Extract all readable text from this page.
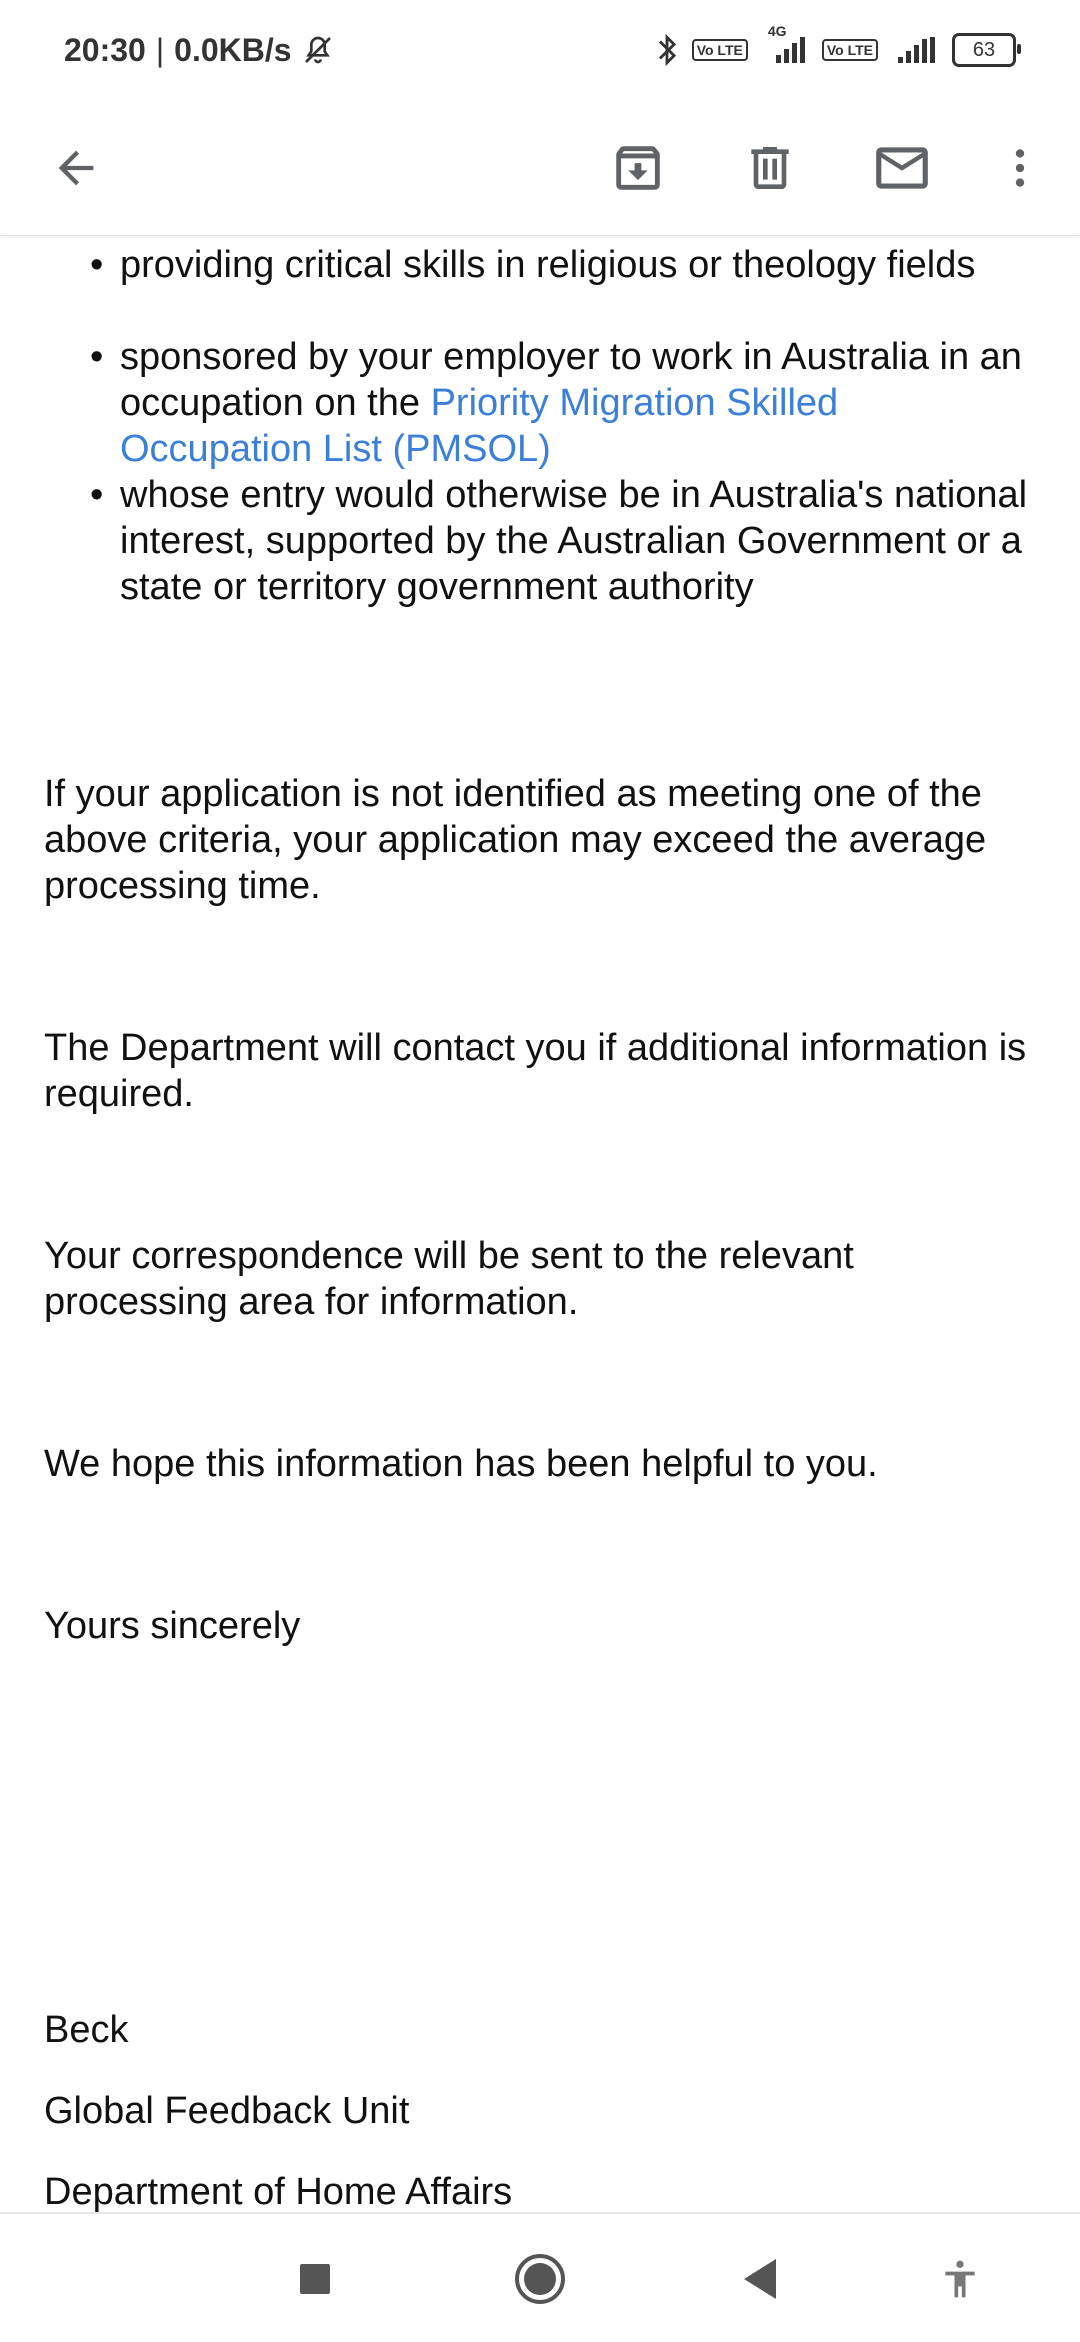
20:30 | 0.0KB/s	Vo LTE
4G
Vo LTE	63

• providing critical skills in religious or theology fields

• sponsored by your employer to work in Australia in an occupation on the Priority Migration Skilled Occupation List (PMSOL)

• whose entry would otherwise be in Australia's national interest, supported by the Australian Government or a state or territory government authority

If your application is not identified as meeting one of the above criteria, your application may exceed the average processing time.

The Department will contact you if additional information is required.

Your correspondence will be sent to the relevant processing area for information.

We hope this information has been helpful to you.

Yours sincerely

Beck

Global Feedback Unit

Department of Home Affairs
